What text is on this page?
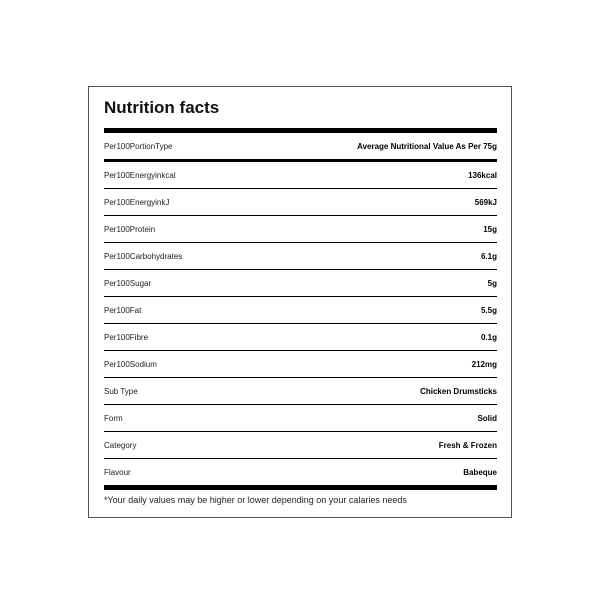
Nutrition facts
Per100PortionType	Average Nutritional Value As Per 75g
Per100Energyinkcal	136kcal
Per100EnergyinkJ	569kJ
Per100Protein	15g
Per100Carbohydrates	6.1g
Per100Sugar	5g
Per100Fat	5.5g
Per100Fibre	0.1g
Per100Sodium	212mg
Sub Type	Chicken Drumsticks
Form	Solid
Category	Fresh & Frozen
Flavour	Babeque
*Your daily values may be higher or lower depending on your calaries needs
